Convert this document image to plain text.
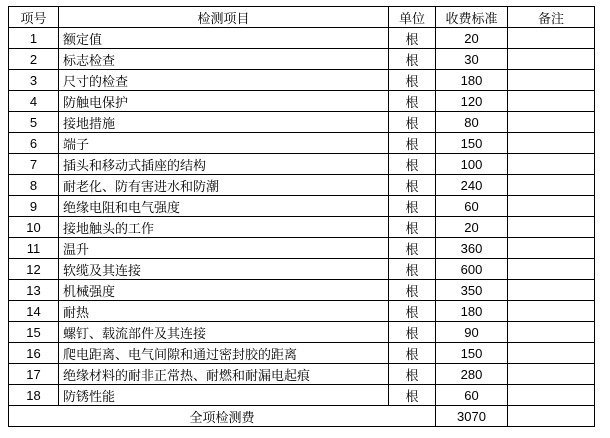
项号	检测项目	单位	收费标准	备注
1	额定值	根	20	
2	标志检查	根	30	
3	尺寸的检查	根	180	
4	防触电保护	根	120	
5	接地措施	根	80	
6	端子	根	150	
7	插头和移动式插座的结构	根	100	
8	耐老化、防有害进水和防潮	根	240	
9	绝缘电阻和电气强度	根	60	
10	接地触头的工作	根	20	
11	温升	根	360	
12	软缆及其连接	根	600	
13	机械强度	根	350	
14	耐热	根	180	
15	螺钉、载流部件及其连接	根	90	
16	爬电距离、电气间隙和通过密封胶的距离	根	150	
17	绝缘材料的耐非正常热、耐燃和耐漏电起痕	根	280	
18	防锈性能	根	60	
全项检测费			3070	
